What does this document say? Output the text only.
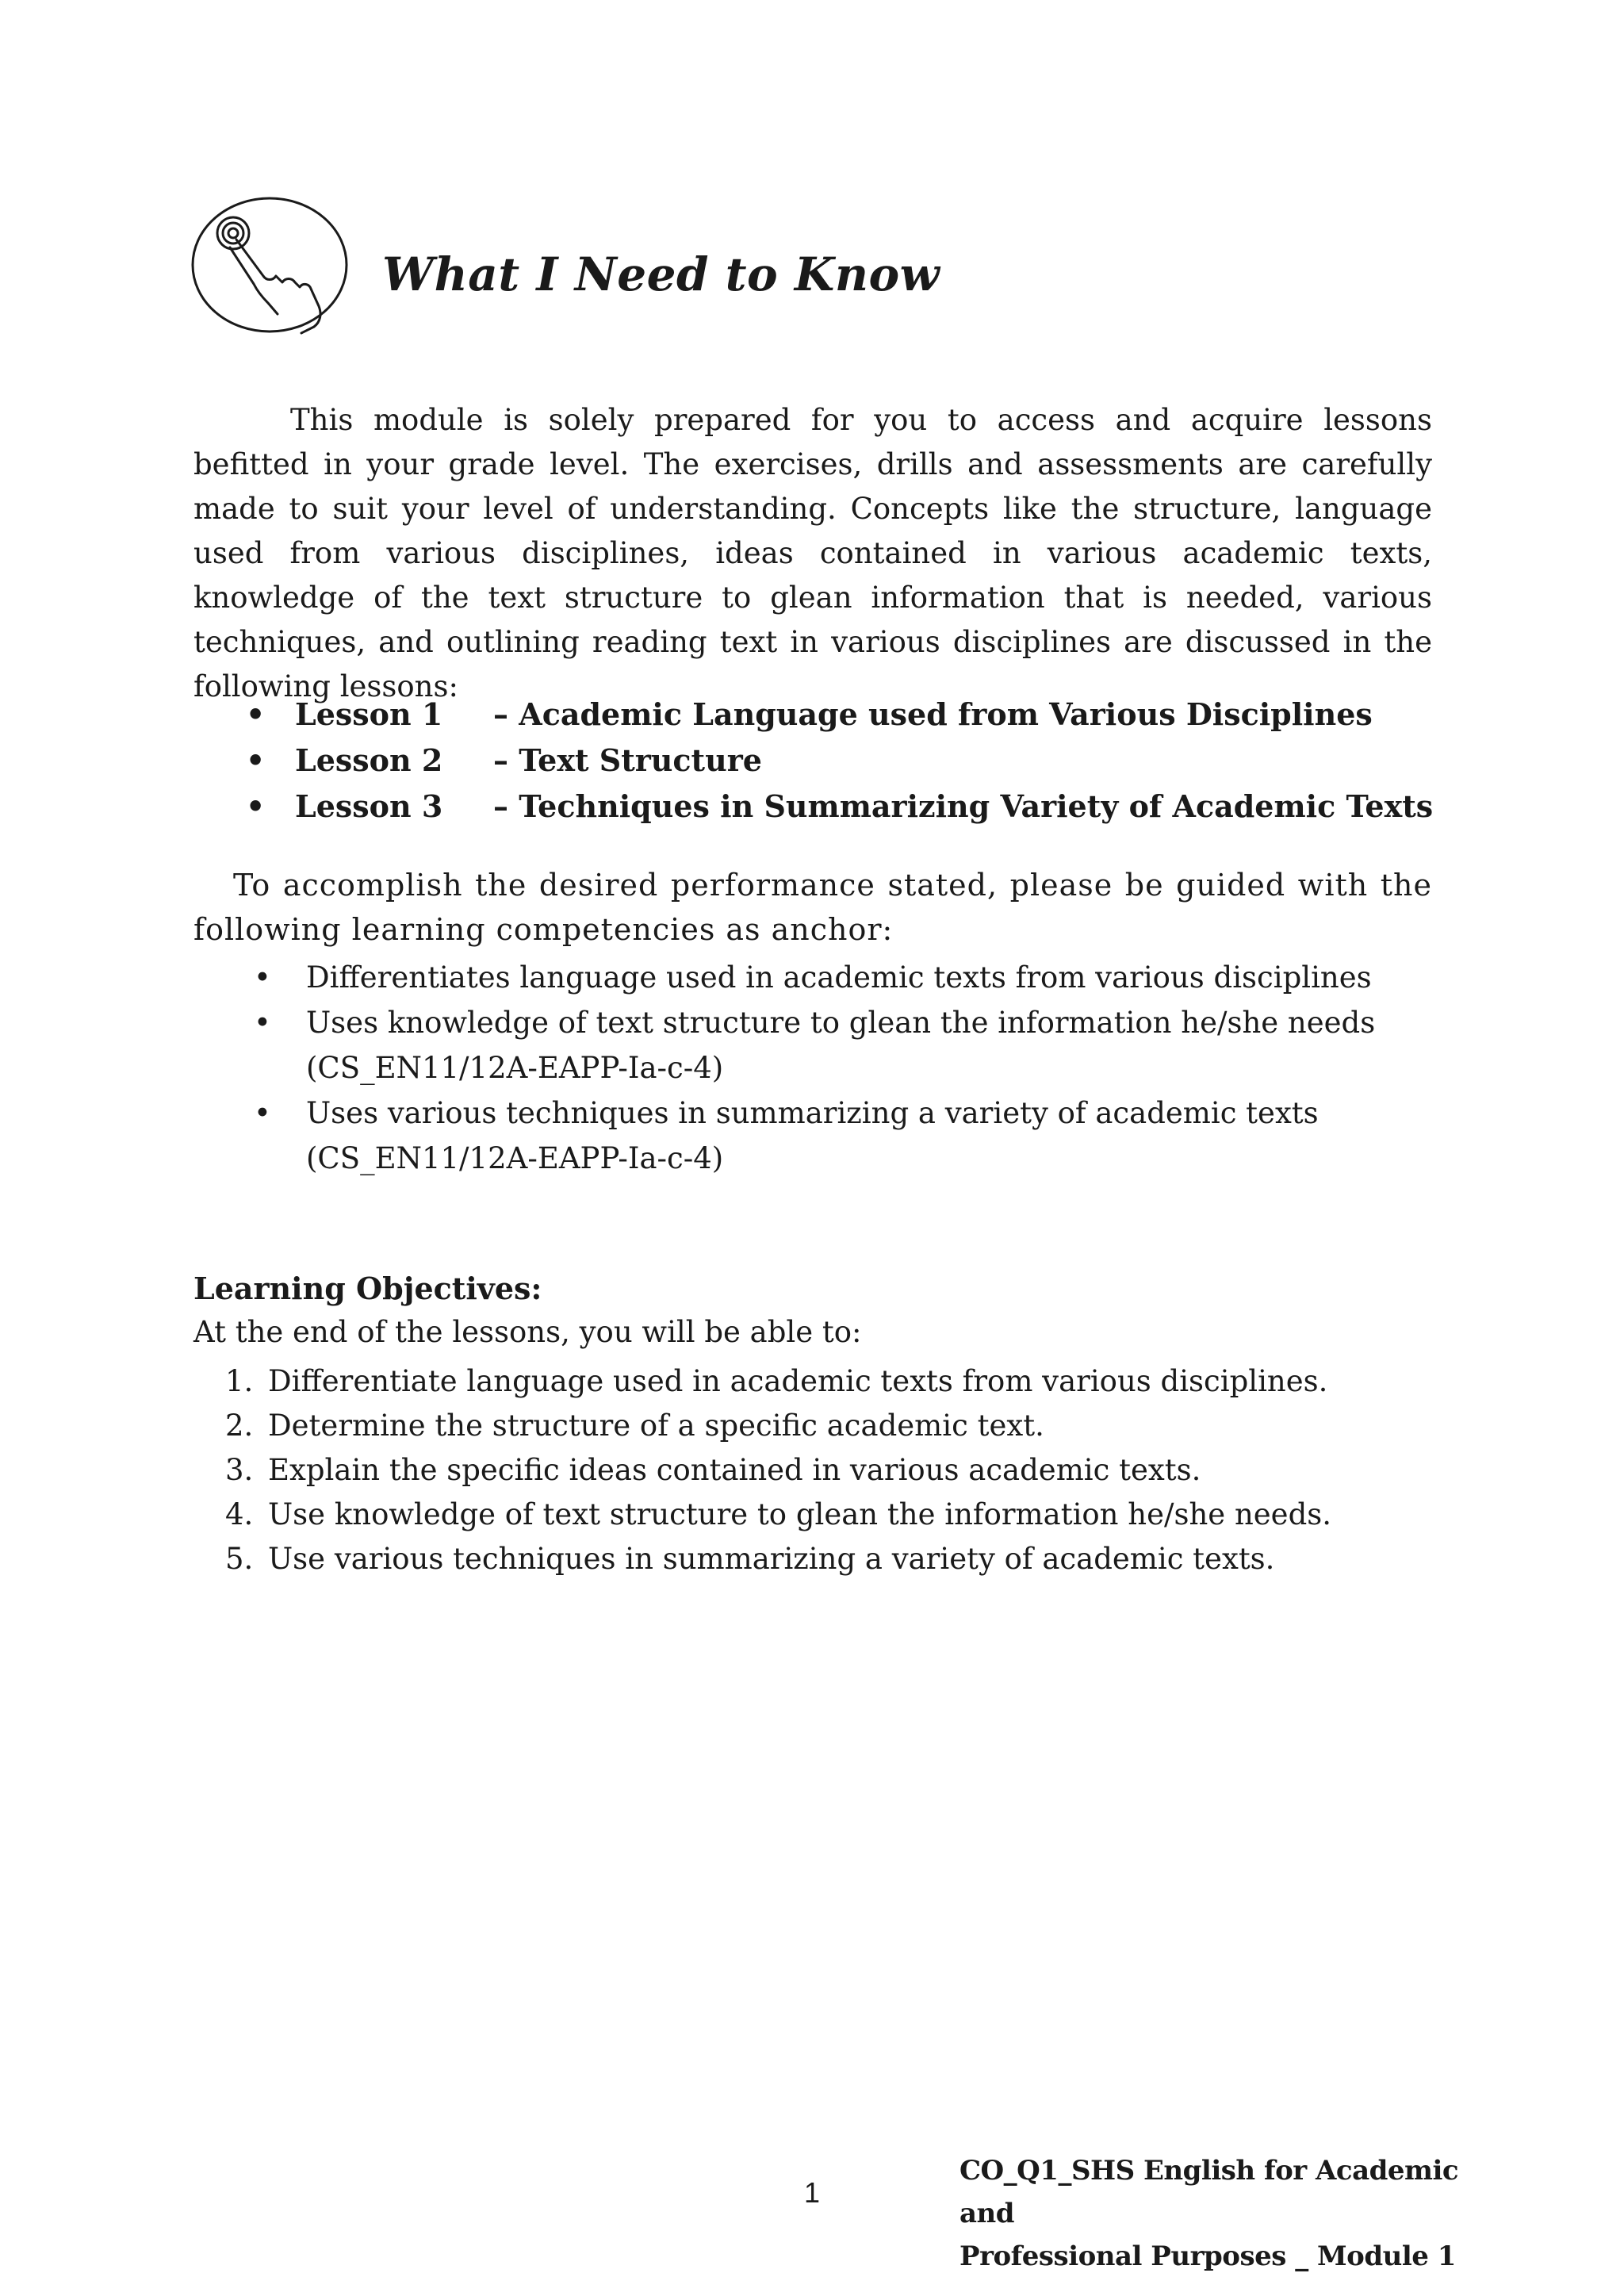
What I Need to Know
This module is solely prepared for you to access and acquire lessons befitted in your grade level. The exercises, drills and assessments are carefully made to suit your level of understanding. Concepts like the structure, language used from various disciplines, ideas contained in various academic texts, knowledge of the text structure to glean information that is needed, various techniques, and outlining reading text in various disciplines are discussed in the following lessons:
• Lesson 1 – Academic Language used from Various Disciplines
• Lesson 2 – Text Structure
• Lesson 3 – Techniques in Summarizing Variety of Academic Texts
To accomplish the desired performance stated, please be guided with the following learning competencies as anchor:
• Differentiates language used in academic texts from various disciplines
• Uses knowledge of text structure to glean the information he/she needs
(CS_EN11/12A-EAPP-Ia-c-4)
• Uses various techniques in summarizing a variety of academic texts
(CS_EN11/12A-EAPP-Ia-c-4)
Learning Objectives:
At the end of the lessons, you will be able to:
1. Differentiate language used in academic texts from various disciplines.
2. Determine the structure of a specific academic text.
3. Explain the specific ideas contained in various academic texts.
4. Use knowledge of text structure to glean the information he/she needs.
5. Use various techniques in summarizing a variety of academic texts.
1
CO_Q1_SHS English for Academic and
Professional Purposes _ Module 1
